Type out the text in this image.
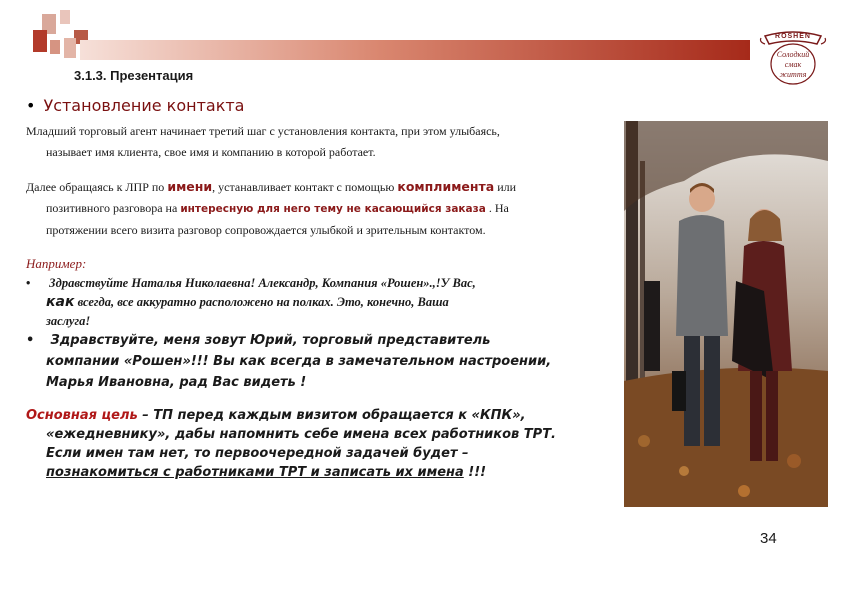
ROSHEN
Солодкий
смак
життя
3.1.3. Презентация
• Установление контакта
Младший торговый агент начинает третий шаг с установления контакта, при этом улыбаясь,
называет имя клиента, свое имя и компанию в которой работает.
Далее обращаясь к ЛПР по имени, устанавливает контакт с помощью комплимента или
позитивного разговора на интересную для него тему не касающийся заказа . На
протяжении всего визита разговор сопровождается улыбкой и зрительным контактом.
Например:
• Здравствуйте Наталья Николаевна! Александр, Компания «Рошен».,!У Вас,
как всегда, все аккуратно расположено на полках. Это, конечно, Ваша
заслуга!
• Здравствуйте, меня зовут Юрий, торговый представитель
компании «Рошен»!!! Вы как всегда в замечательном настроении,
Марья Ивановна, рад Вас видеть !
Основная цель – ТП перед каждым визитом обращается к «КПК»,
«ежедневнику», дабы напомнить себе имена всех работников ТРТ.
Если имен там нет, то первоочередной задачей будет –
познакомиться с работниками ТРТ и записать их имена !!!
34
